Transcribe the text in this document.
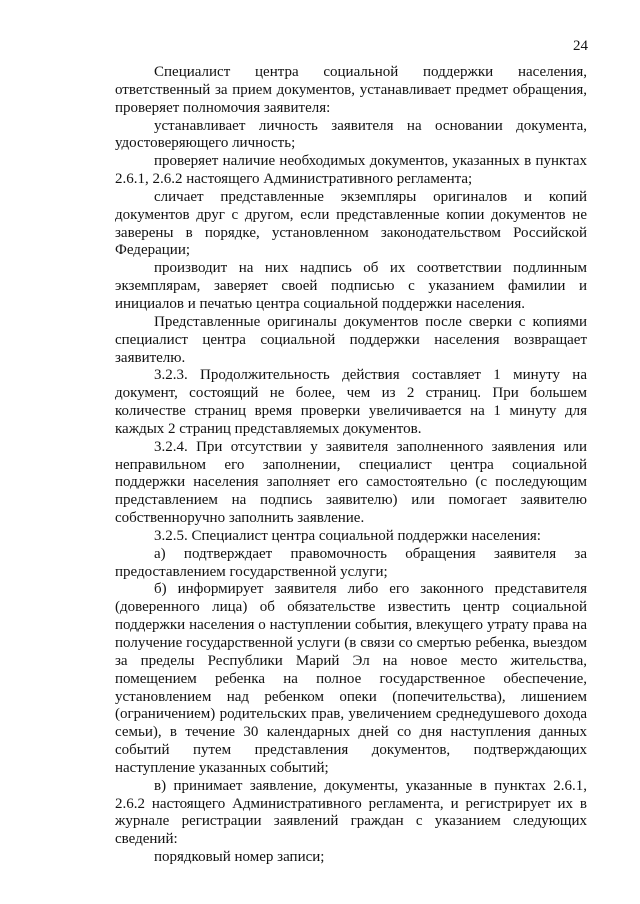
24

Специалист центра социальной поддержки населения, ответственный за прием документов, устанавливает предмет обращения, проверяет полномочия заявителя:

устанавливает личность заявителя на основании документа, удостоверяющего личность;

проверяет наличие необходимых документов, указанных в пунктах 2.6.1, 2.6.2 настоящего Административного регламента;

сличает представленные экземпляры оригиналов и копий документов друг с другом, если представленные копии документов не заверены в порядке, установленном законодательством Российской Федерации;

производит на них надпись об их соответствии подлинным экземплярам, заверяет своей подписью с указанием фамилии и инициалов и печатью центра социальной поддержки населения.

Представленные оригиналы документов после сверки с копиями специалист центра социальной поддержки населения возвращает заявителю.

3.2.3. Продолжительность действия составляет 1 минуту на документ, состоящий не более, чем из 2 страниц. При большем количестве страниц время проверки увеличивается на 1 минуту для каждых 2 страниц представляемых документов.

3.2.4. При отсутствии у заявителя заполненного заявления или неправильном его заполнении, специалист центра социальной поддержки населения заполняет его самостоятельно (с последующим представлением на подпись заявителю) или помогает заявителю собственноручно заполнить заявление.

3.2.5. Специалист центра социальной поддержки населения:

а) подтверждает правомочность обращения заявителя за предоставлением государственной услуги;

б) информирует заявителя либо его законного представителя (доверенного лица) об обязательстве известить центр социальной поддержки населения о наступлении события, влекущего утрату права на получение государственной услуги (в связи со смертью ребенка, выездом за пределы Республики Марий Эл на новое место жительства, помещением ребенка на полное государственное обеспечение, установлением над ребенком опеки (попечительства), лишением (ограничением) родительских прав, увеличением среднедушевого дохода семьи), в течение 30 календарных дней со дня наступления данных событий путем представления документов, подтверждающих наступление указанных событий;

в) принимает заявление, документы, указанные в пунктах 2.6.1, 2.6.2 настоящего Административного регламента, и регистрирует их в журнале регистрации заявлений граждан с указанием следующих сведений:

порядковый номер записи;
